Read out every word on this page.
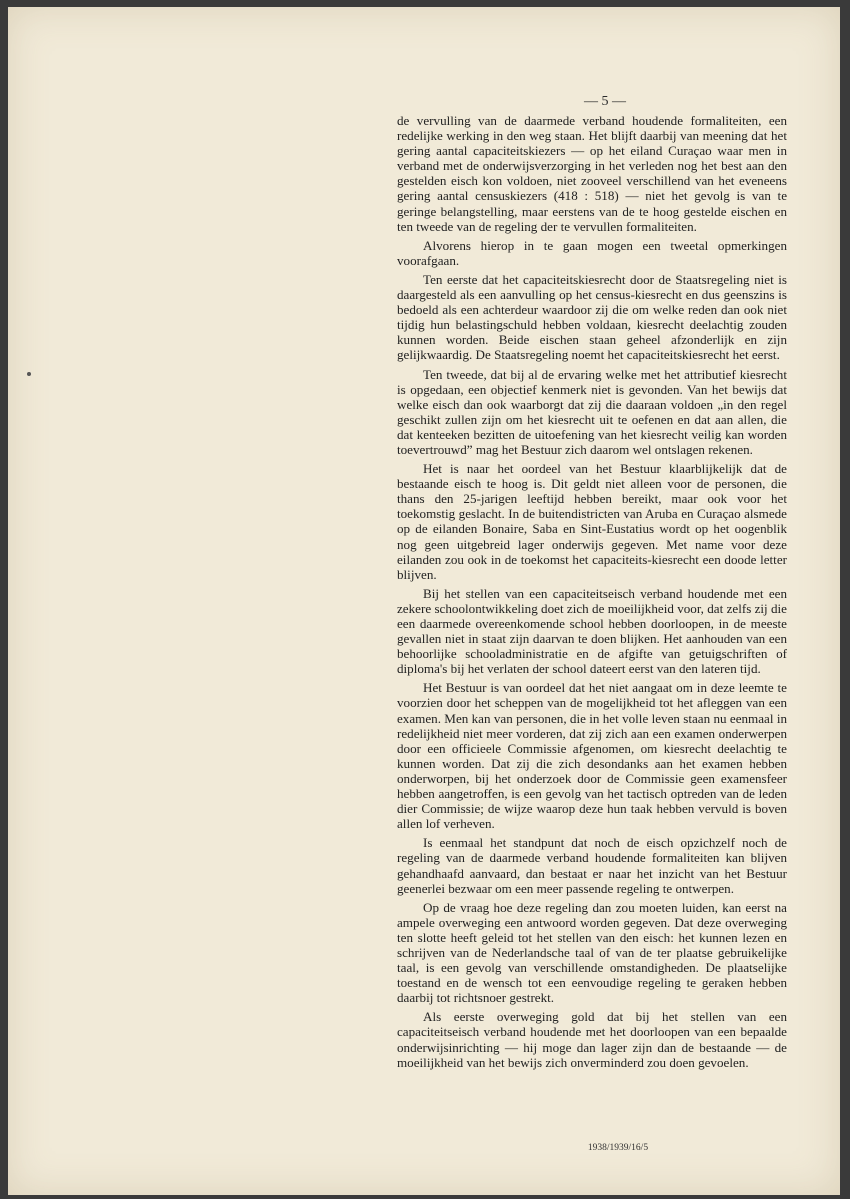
— 5 —

de vervulling van de daarmede verband houdende formaliteiten, een redelijke werking in den weg staan. Het blijft daarbij van meening dat het gering aantal capaciteitskiezers — op het eiland Curaçao waar men in verband met de onderwijsverzorging in het verleden nog het best aan den gestelden eisch kon voldoen, niet zooveel verschillend van het eveneens gering aantal censuskiezers (418 : 518) — niet het gevolg is van te geringe belangstelling, maar eerstens van de te hoog gestelde eischen en ten tweede van de regeling der te vervullen formaliteiten.

Alvorens hierop in te gaan mogen een tweetal opmerkingen voorafgaan.

Ten eerste dat het capaciteitskiesrecht door de Staatsregeling niet is daargesteld als een aanvulling op het census-kiesrecht en dus geenszins is bedoeld als een achterdeur waardoor zij die om welke reden dan ook niet tijdig hun belastingschuld hebben voldaan, kiesrecht deelachtig zouden kunnen worden. Beide eischen staan geheel afzonderlijk en zijn gelijkwaardig. De Staatsregeling noemt het capaciteitskiesrecht het eerst.

Ten tweede, dat bij al de ervaring welke met het attributief kiesrecht is opgedaan, een objectief kenmerk niet is gevonden. Van het bewijs dat welke eisch dan ook waarborgt dat zij die daaraan voldoen „in den regel geschikt zullen zijn om het kiesrecht uit te oefenen en dat aan allen, die dat kenteeken bezitten de uitoefening van het kiesrecht veilig kan worden toevertrouwd” mag het Bestuur zich daarom wel ontslagen rekenen.

Het is naar het oordeel van het Bestuur klaarblijkelijk dat de bestaande eisch te hoog is. Dit geldt niet alleen voor de personen, die thans den 25-jarigen leeftijd hebben bereikt, maar ook voor het toekomstig geslacht. In de buitendistricten van Aruba en Curaçao alsmede op de eilanden Bonaire, Saba en Sint-Eustatius wordt op het oogenblik nog geen uitgebreid lager onderwijs gegeven. Met name voor deze eilanden zou ook in de toekomst het capaciteits-kiesrecht een doode letter blijven.

Bij het stellen van een capaciteitseisch verband houdende met een zekere schoolontwikkeling doet zich de moeilijkheid voor, dat zelfs zij die een daarmede overeenkomende school hebben doorloopen, in de meeste gevallen niet in staat zijn daarvan te doen blijken. Het aanhouden van een behoorlijke schooladministratie en de afgifte van getuigschriften of diploma's bij het verlaten der school dateert eerst van den lateren tijd.

Het Bestuur is van oordeel dat het niet aangaat om in deze leemte te voorzien door het scheppen van de mogelijkheid tot het afleggen van een examen. Men kan van personen, die in het volle leven staan nu eenmaal in redelijkheid niet meer vorderen, dat zij zich aan een examen onderwerpen door een officieele Commissie afgenomen, om kiesrecht deelachtig te kunnen worden. Dat zij die zich desondanks aan het examen hebben onderworpen, bij het onderzoek door de Commissie geen examensfeer hebben aangetroffen, is een gevolg van het tactisch optreden van de leden dier Commissie; de wijze waarop deze hun taak hebben vervuld is boven allen lof verheven.

Is eenmaal het standpunt dat noch de eisch opzichzelf noch de regeling van de daarmede verband houdende formaliteiten kan blijven gehandhaafd aanvaard, dan bestaat er naar het inzicht van het Bestuur geenerlei bezwaar om een meer passende regeling te ontwerpen.

Op de vraag hoe deze regeling dan zou moeten luiden, kan eerst na ampele overweging een antwoord worden gegeven. Dat deze overweging ten slotte heeft geleid tot het stellen van den eisch: het kunnen lezen en schrijven van de Nederlandsche taal of van de ter plaatse gebruikelijke taal, is een gevolg van verschillende omstandigheden. De plaatselijke toestand en de wensch tot een eenvoudige regeling te geraken hebben daarbij tot richtsnoer gestrekt.

Als eerste overweging gold dat bij het stellen van een capaciteitseisch verband houdende met het doorloopen van een bepaalde onderwijsinrichting — hij moge dan lager zijn dan de bestaande — de moeilijkheid van het bewijs zich onverminderd zou doen gevoelen.

1938/1939/16/5
